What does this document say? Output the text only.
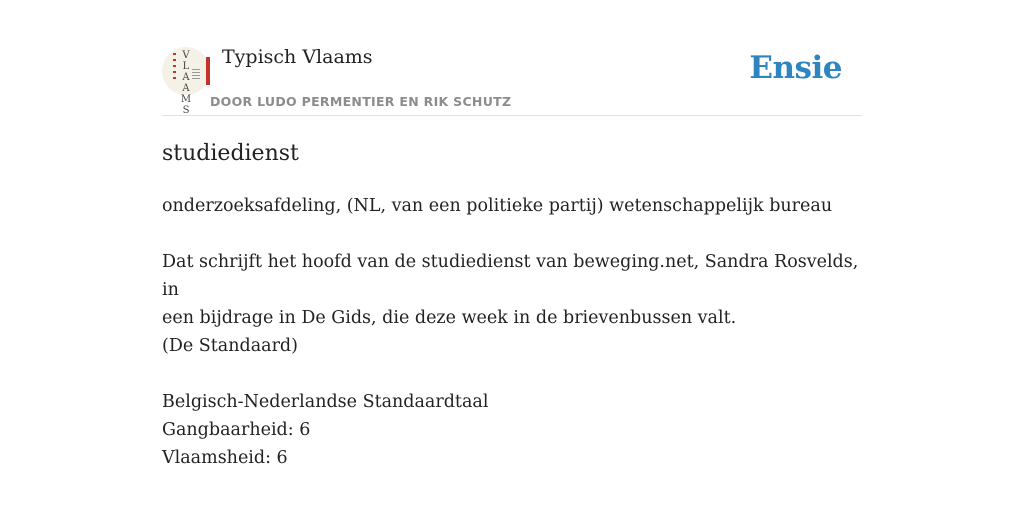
V
L
A
A
M
S
Typisch Vlaams
DOOR LUDO PERMENTIER EN RIK SCHUTZ
Ensie
studiedienst

onderzoeksafdeling, (NL, van een politieke partij) wetenschappelijk bureau

Dat schrijft het hoofd van de studiedienst van beweging.net, Sandra Rosvelds, in

een bijdrage in De Gids, die deze week in de brievenbussen valt.

(De Standaard)

Belgisch-Nederlandse Standaardtaal

Gangbaarheid: 6

Vlaamsheid: 6
